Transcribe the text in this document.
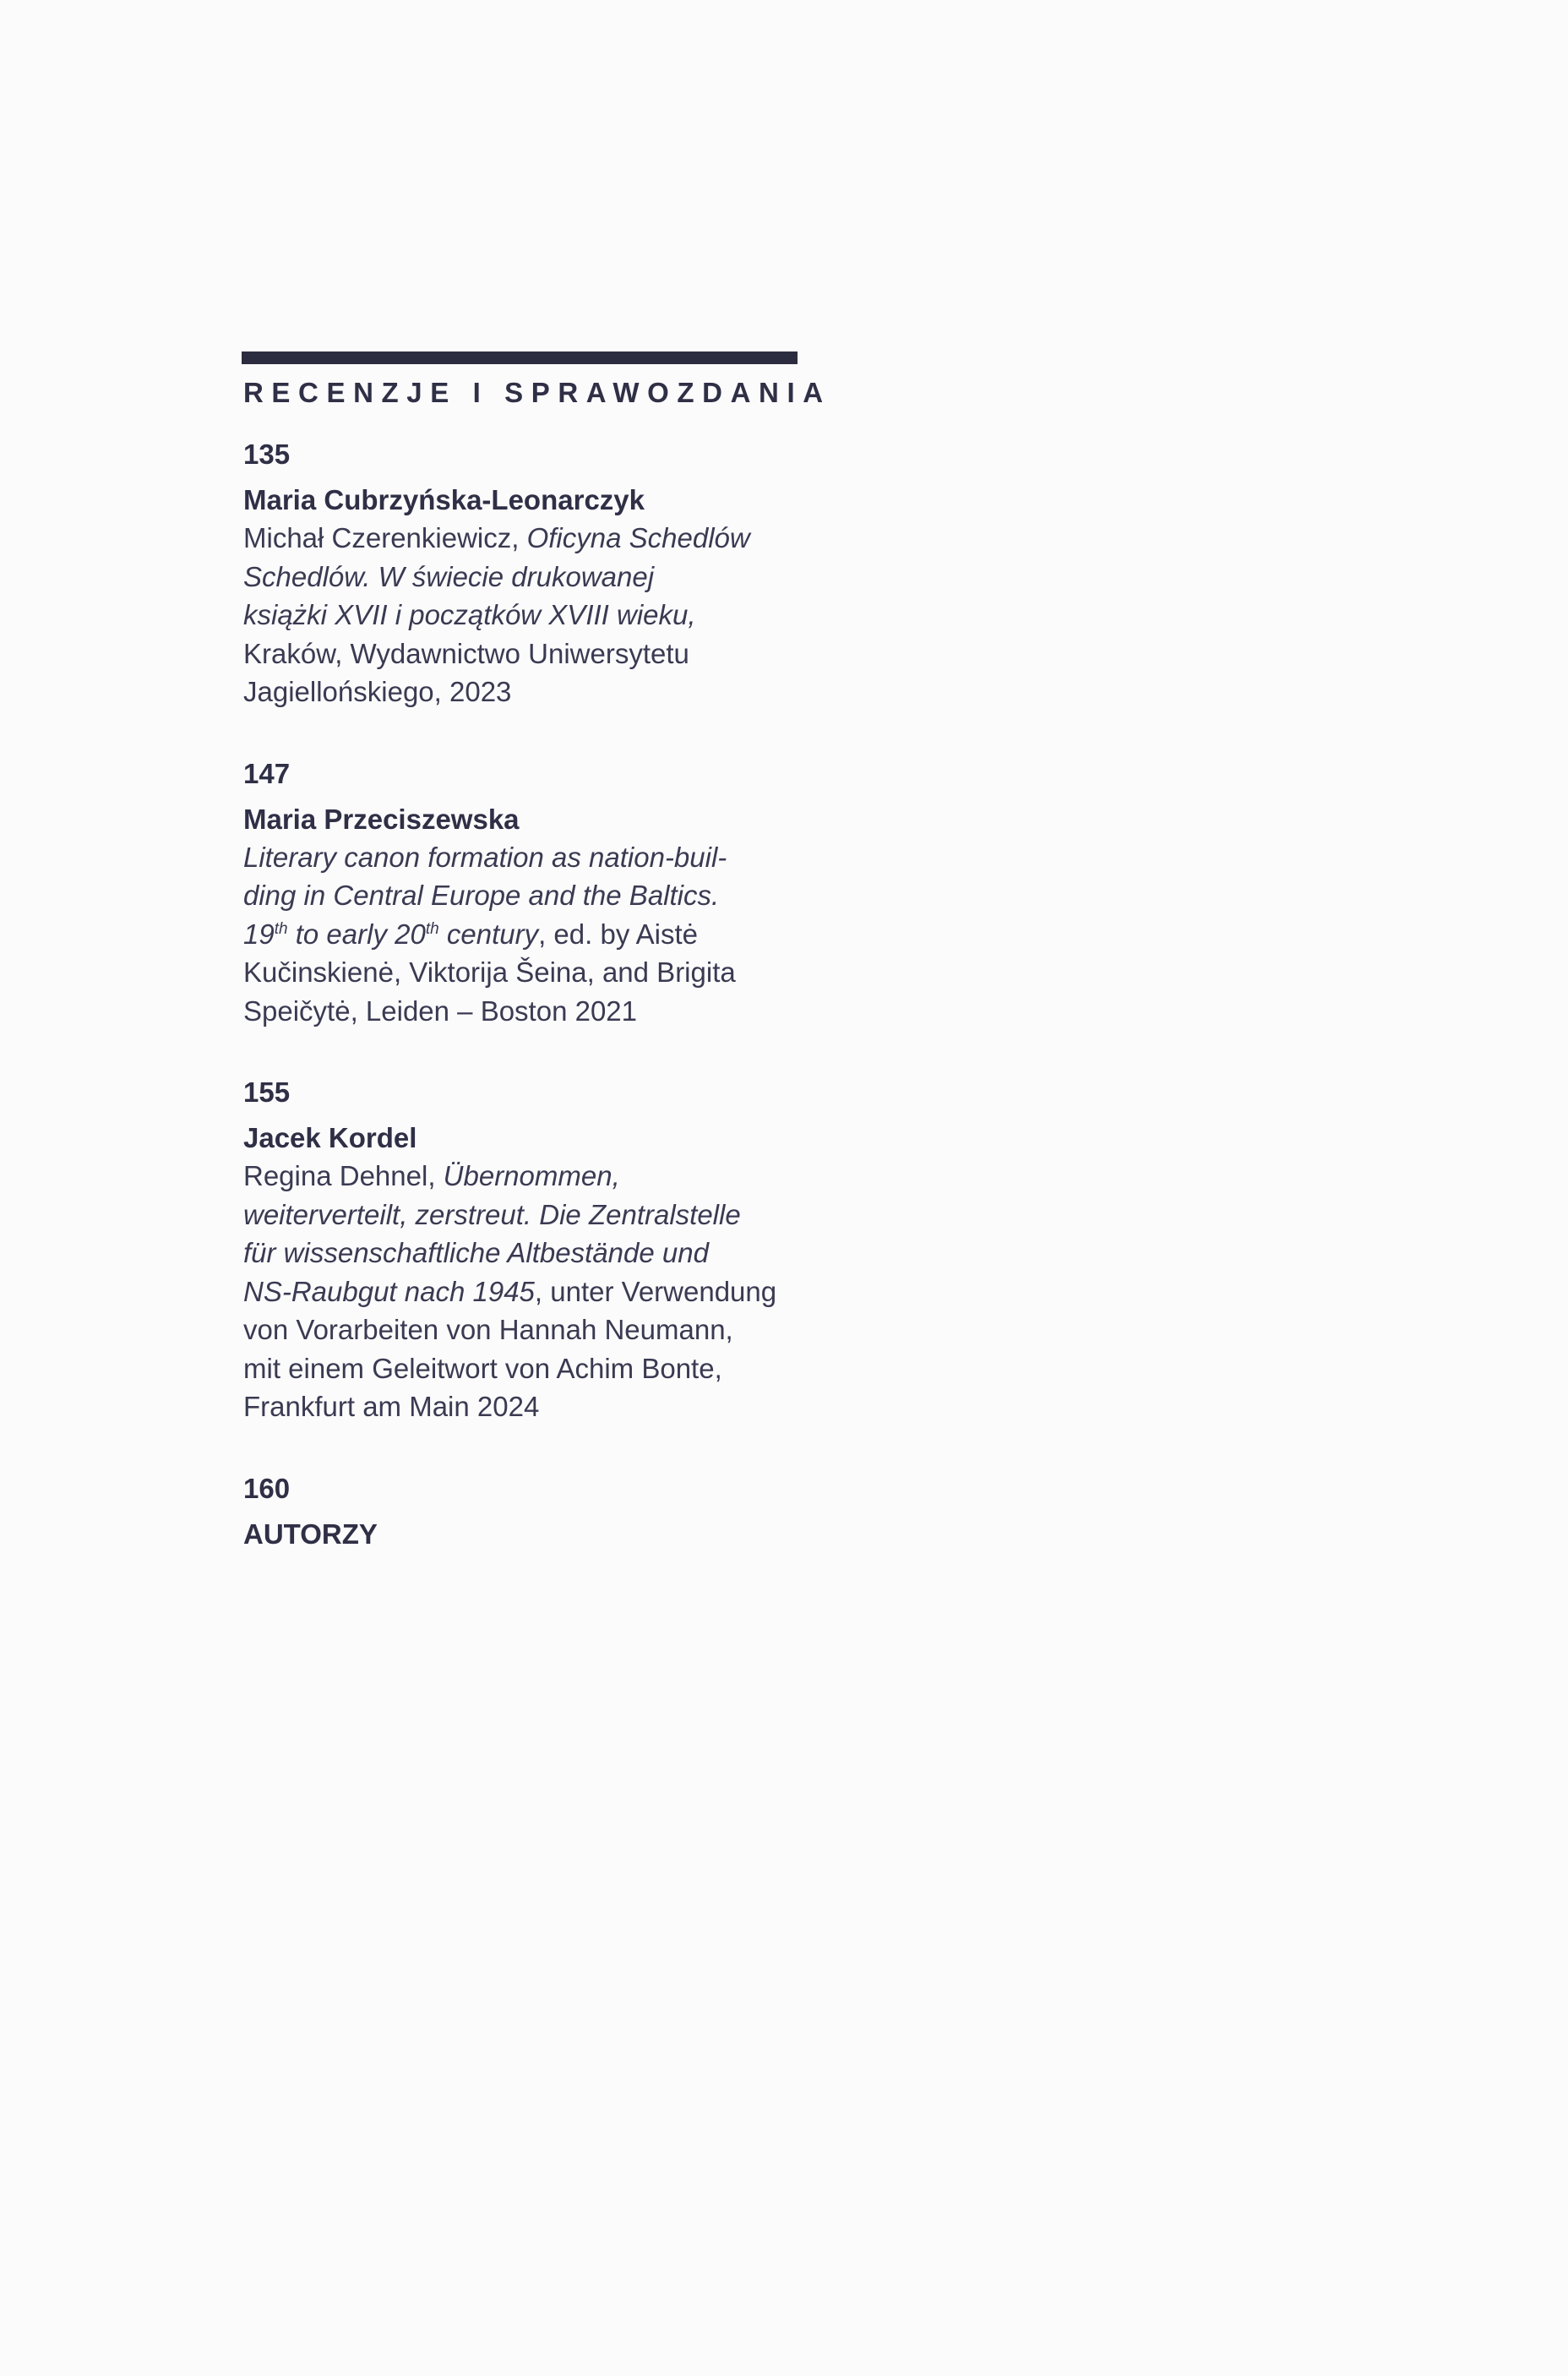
RECENZJE I SPRAWOZDANIA
135
Maria Cubrzyńska-Leonarczyk
Michał Czerenkiewicz, Oficyna Schedlów
Schedlów. W świecie drukowanej
książki XVII i początków XVIII wieku,
Kraków, Wydawnictwo Uniwersytetu
Jagiellońskiego, 2023
147
Maria Przeciszewska
Literary canon formation as nation-buil-
ding in Central Europe and the Baltics.
19th to early 20th century, ed. by Aistė
Kučinskienė, Viktorija Šeina, and Brigita
Speičytė, Leiden – Boston 2021
155
Jacek Kordel
Regina Dehnel, Übernommen,
weiterverteilt, zerstreut. Die Zentralstelle
für wissenschaftliche Altbestände und
NS-Raubgut nach 1945, unter Verwendung
von Vorarbeiten von Hannah Neumann,
mit einem Geleitwort von Achim Bonte,
Frankfurt am Main 2024
160
AUTORZY
